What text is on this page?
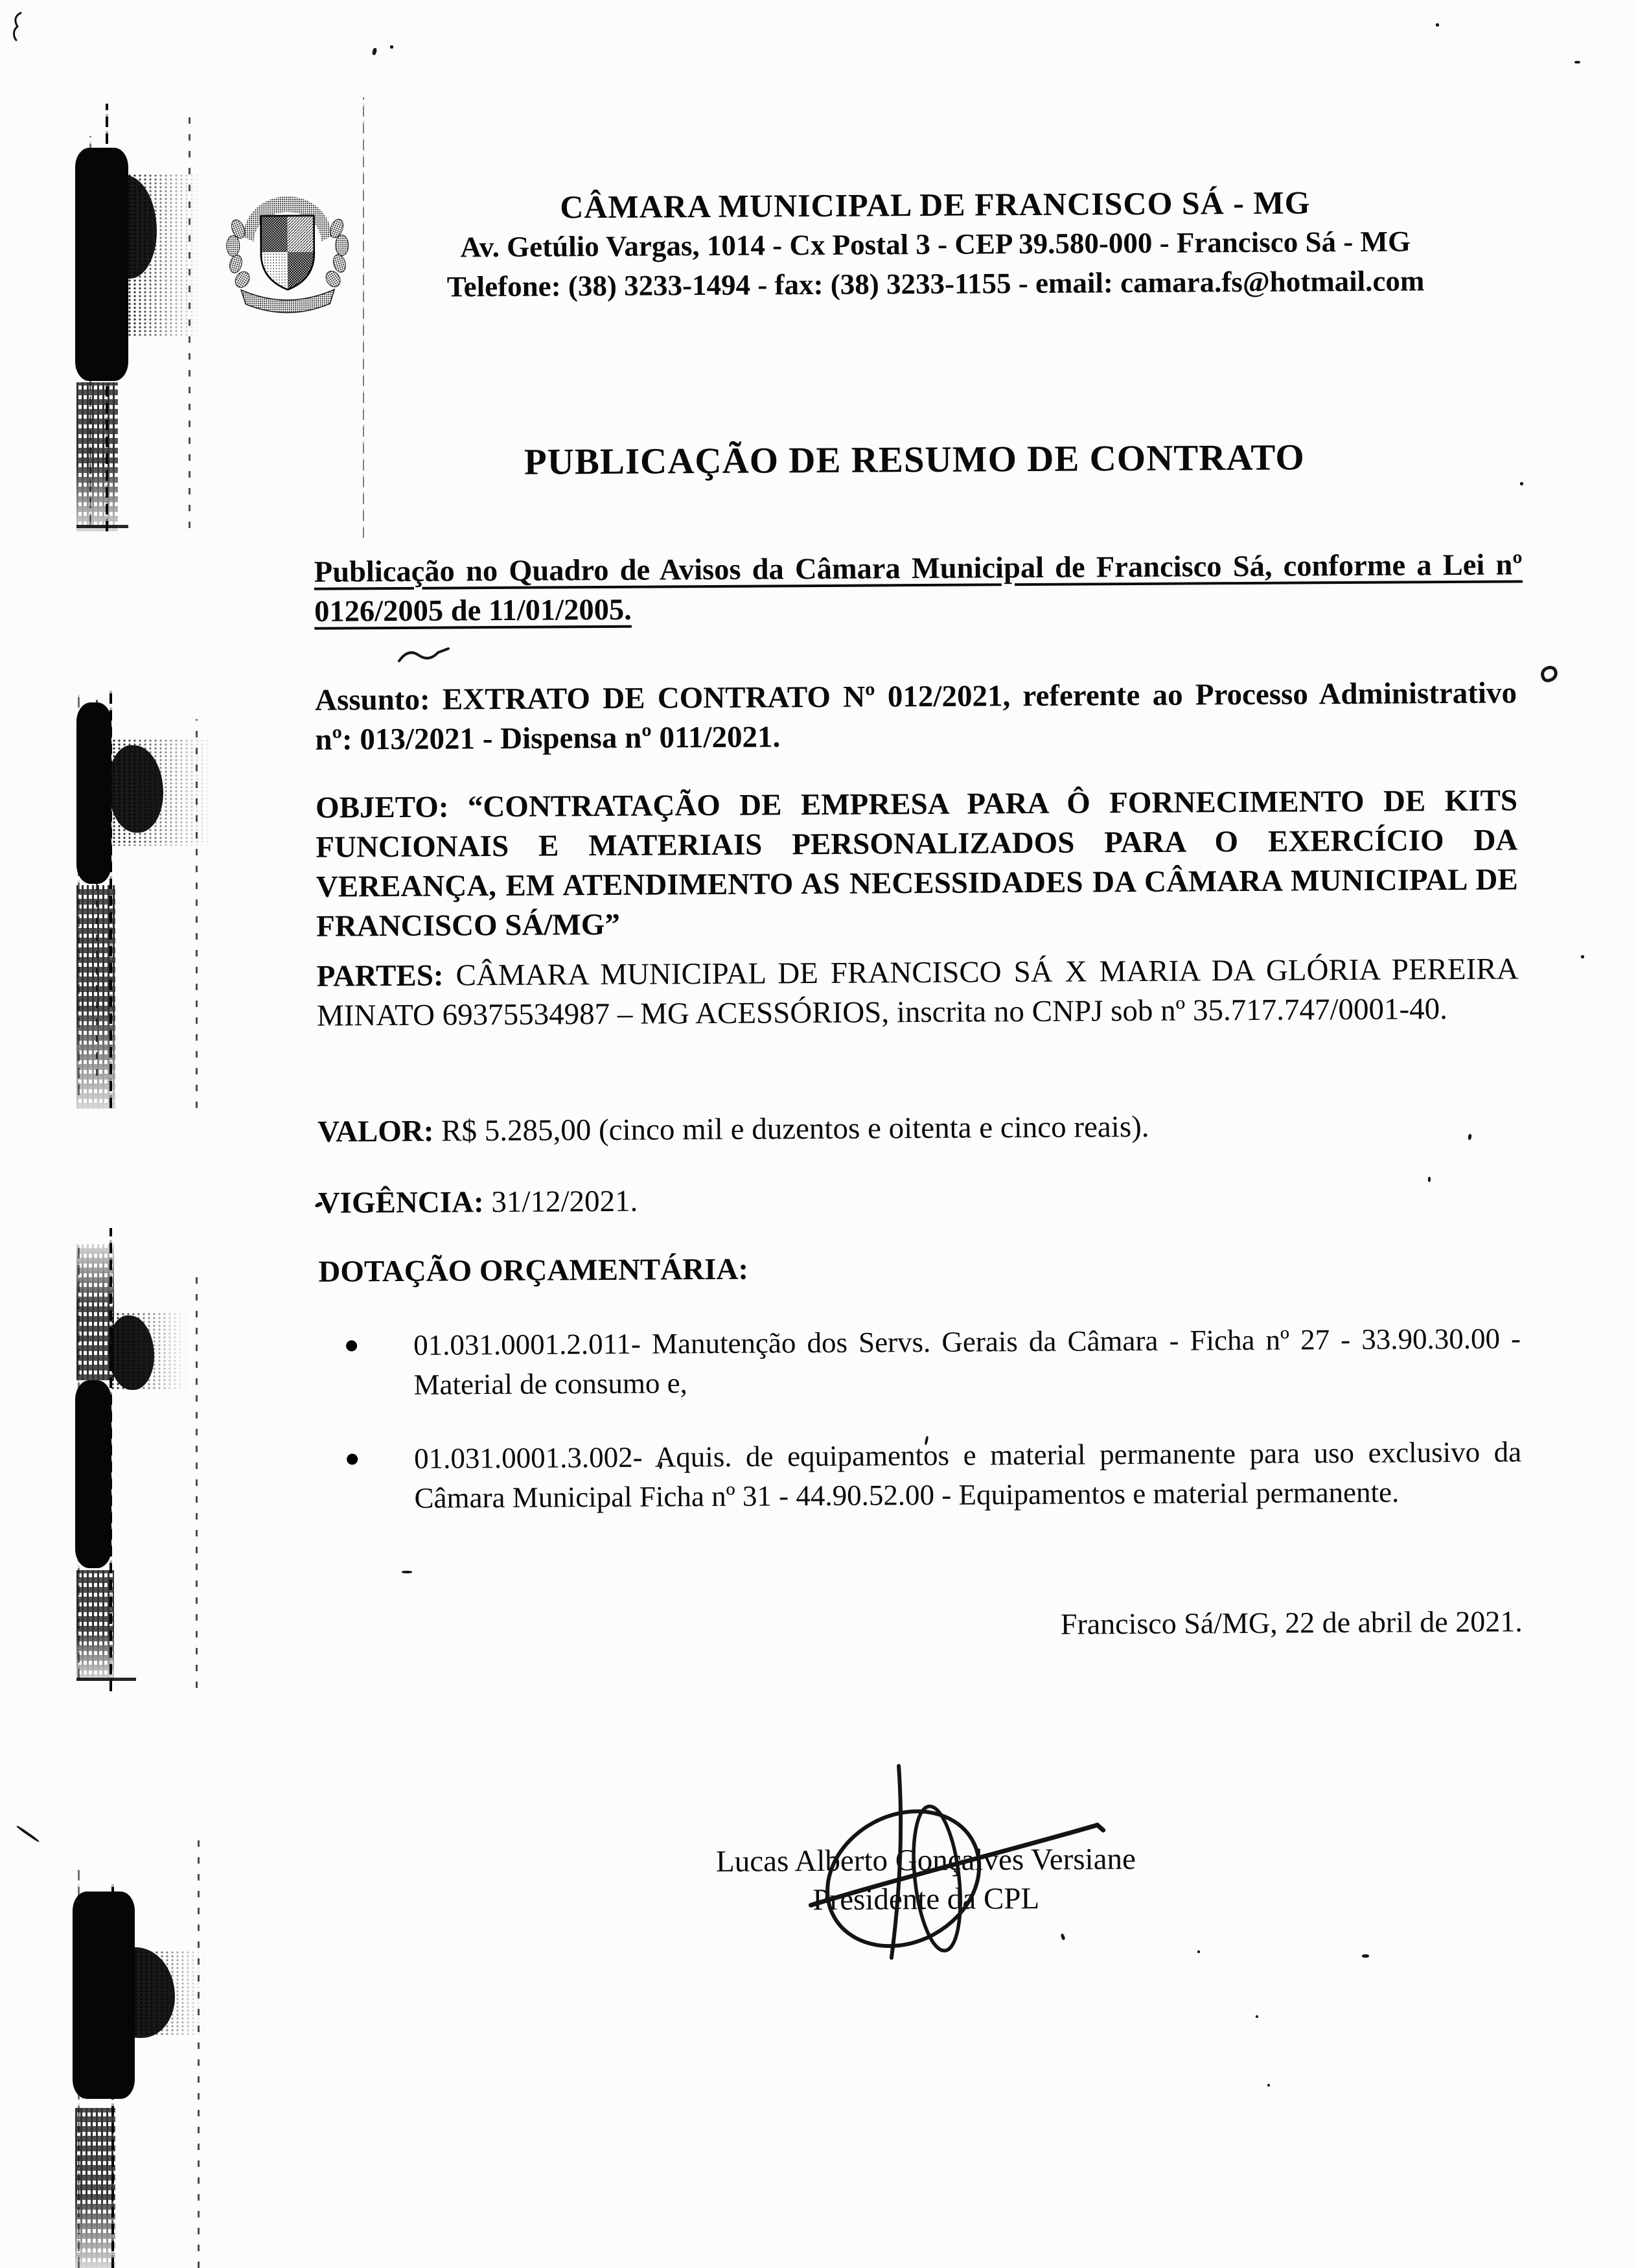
CÂMARA MUNICIPAL DE FRANCISCO SÁ - MG
Av. Getúlio Vargas, 1014 - Cx Postal 3 - CEP 39.580-000 - Francisco Sá - MG
Telefone: (38) 3233-1494 - fax: (38) 3233-1155 - email: camara.fs@hotmail.com
PUBLICAÇÃO DE RESUMO DE CONTRATO
Publicação no Quadro de Avisos da Câmara Municipal de Francisco Sá, conforme a Lei nº 0126/2005 de 11/01/2005.
Assunto: EXTRATO DE CONTRATO Nº 012/2021, referente ao Processo Administrativo nº: 013/2021 - Dispensa nº 011/2021.
OBJETO: “CONTRATAÇÃO DE EMPRESA PARA Ô FORNECIMENTO DE KITS FUNCIONAIS E MATERIAIS PERSONALIZADOS PARA O EXERCÍCIO DA VEREANÇA, EM ATENDIMENTO AS NECESSIDADES DA CÂMARA MUNICIPAL DE FRANCISCO SÁ/MG”
PARTES: CÂMARA MUNICIPAL DE FRANCISCO SÁ X MARIA DA GLÓRIA PEREIRA MINATO 69375534987 – MG ACESSÓRIOS, inscrita no CNPJ sob nº 35.717.747/0001-40.
VALOR: R$ 5.285,00 (cinco mil e duzentos e oitenta e cinco reais).
VIGÊNCIA: 31/12/2021.
DOTAÇÃO ORÇAMENTÁRIA:
01.031.0001.2.011- Manutenção dos Servs. Gerais da Câmara - Ficha nº 27 - 33.90.30.00 - Material de consumo e,
01.031.0001.3.002- Aquis. de equipamentos e material permanente para uso exclusivo da Câmara Municipal Ficha nº 31 - 44.90.52.00 - Equipamentos e material permanente.
Francisco Sá/MG, 22 de abril de 2021.
Lucas Alberto Gonçalves Versiane
Presidente da CPL
